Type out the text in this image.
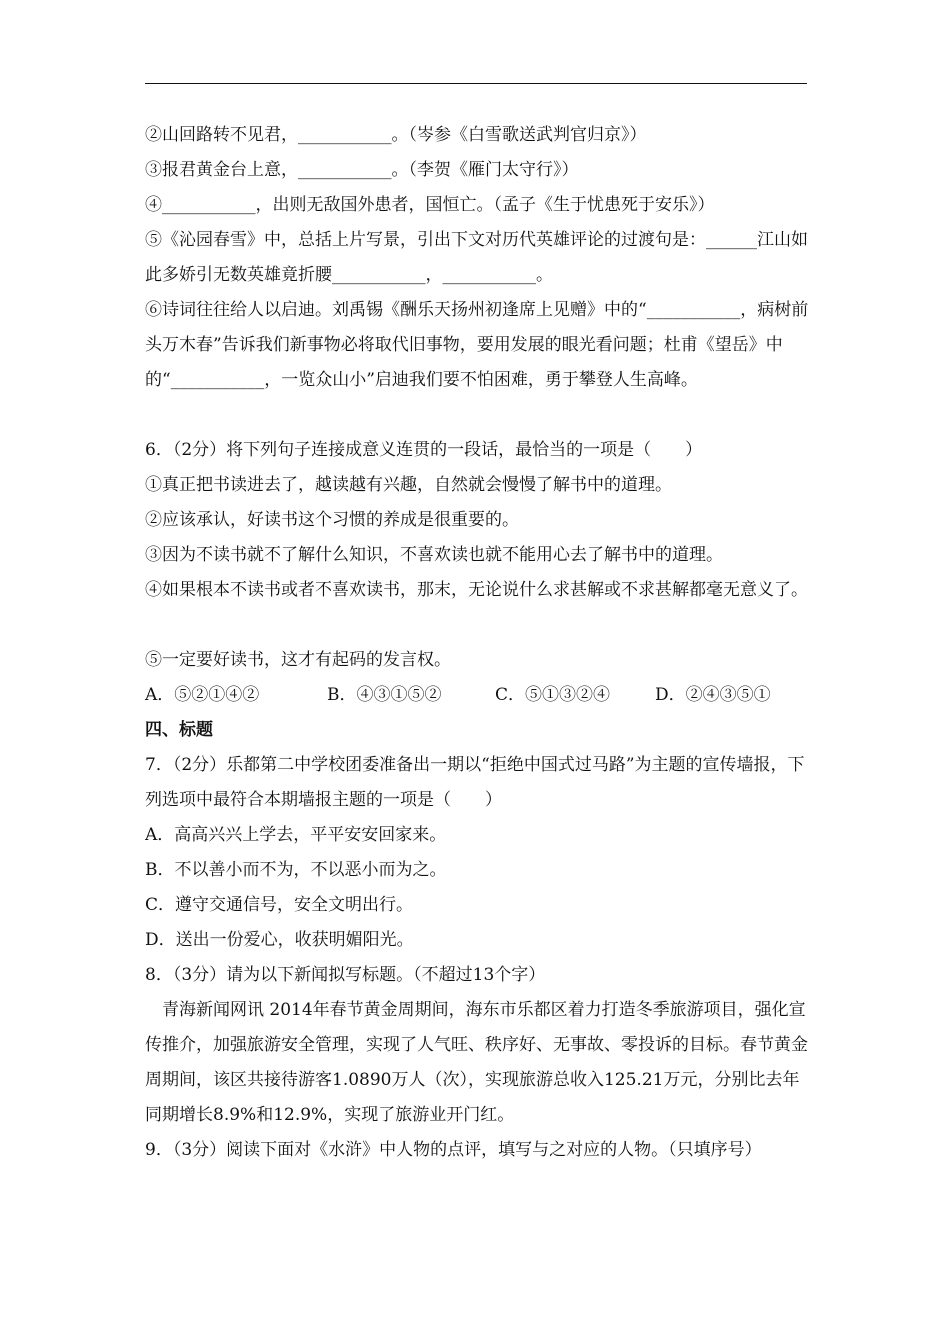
②山回路转不见君，___________。（岑参《白雪歌送武判官归京》）
③报君黄金台上意，___________。（李贺《雁门太守行》）
④___________，出则无敌国外患者，国恒亡。（孟子《生于忧患死于安乐》）
⑤《沁园春雪》中，总括上片写景，引出下文对历代英雄评论的过渡句是：______江山如此多娇引无数英雄竟折腰___________，___________。
⑥诗词往往给人以启迪。刘禹锡《酬乐天扬州初逢席上见赠》中的“___________，病树前头万木春”告诉我们新事物必将取代旧事物，要用发展的眼光看问题；杜甫《望岳》中的“___________，一览众山小”启迪我们要不怕困难，勇于攀登人生高峰。
6．（2分）将下列句子连接成意义连贯的一段话，最恰当的一项是（　　）
①真正把书读进去了，越读越有兴趣，自然就会慢慢了解书中的道理。
②应该承认，好读书这个习惯的养成是很重要的。
③因为不读书就不了解什么知识，不喜欢读也就不能用心去了解书中的道理。
④如果根本不读书或者不喜欢读书，那末，无论说什么求甚解或不求甚解都毫无意义了。
⑤一定要好读书，这才有起码的发言权。
A．⑤②①④②	B．④③①⑤②	C．⑤①③②④	D．②④③⑤①
四、标题
7．（2分）乐都第二中学校团委准备出一期以“拒绝中国式过马路”为主题的宣传墙报，下列选项中最符合本期墙报主题的一项是（　　）
A．高高兴兴上学去，平平安安回家来。
B．不以善小而不为，不以恶小而为之。
C．遵守交通信号，安全文明出行。
D．送出一份爱心，收获明媚阳光。
8．（3分）请为以下新闻拟写标题。（不超过13个字）
青海新闻网讯 2014年春节黄金周期间，海东市乐都区着力打造冬季旅游项目，强化宣传推介，加强旅游安全管理，实现了人气旺、秩序好、无事故、零投诉的目标。春节黄金周期间，该区共接待游客1.0890万人（次），实现旅游总收入125.21万元，分别比去年同期增长8.9%和12.9%，实现了旅游业开门红。
9．（3分）阅读下面对《水浒》中人物的点评，填写与之对应的人物。（只填序号）
